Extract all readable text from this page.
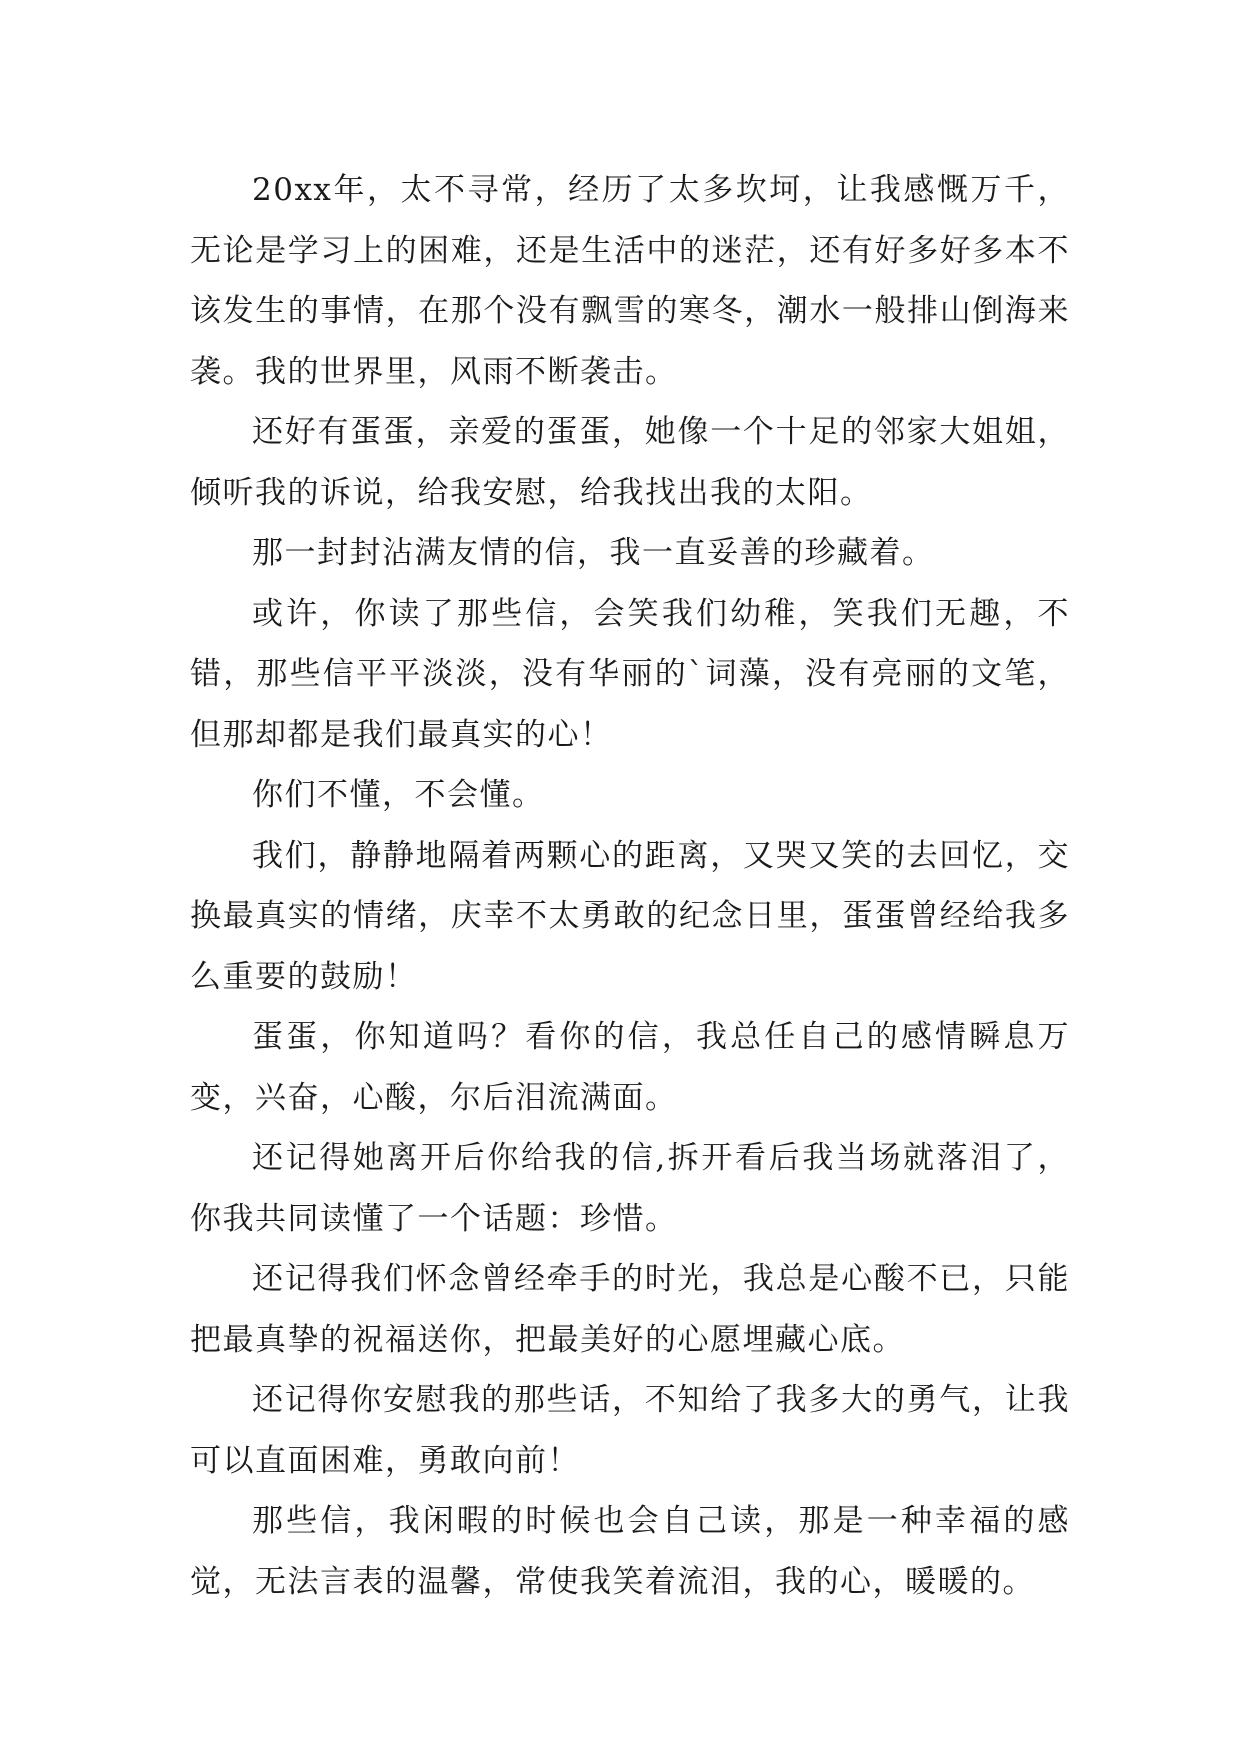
20xx年，太不寻常，经历了太多坎坷，让我感慨万千，无论是学习上的困难，还是生活中的迷茫，还有好多好多本不该发生的事情，在那个没有飘雪的寒冬，潮水一般排山倒海来袭。我的世界里，风雨不断袭击。

还好有蛋蛋，亲爱的蛋蛋，她像一个十足的邻家大姐姐，倾听我的诉说，给我安慰，给我找出我的太阳。

那一封封沾满友情的信，我一直妥善的珍藏着。

或许，你读了那些信，会笑我们幼稚，笑我们无趣，不错，那些信平平淡淡，没有华丽的`词藻，没有亮丽的文笔，但那却都是我们最真实的心！

你们不懂，不会懂。

我们，静静地隔着两颗心的距离，又哭又笑的去回忆，交换最真实的情绪，庆幸不太勇敢的纪念日里，蛋蛋曾经给我多么重要的鼓励！

蛋蛋，你知道吗？看你的信，我总任自己的感情瞬息万变，兴奋，心酸，尔后泪流满面。

还记得她离开后你给我的信,拆开看后我当场就落泪了，你我共同读懂了一个话题：珍惜。

还记得我们怀念曾经牵手的时光，我总是心酸不已，只能把最真挚的祝福送你，把最美好的心愿埋藏心底。

还记得你安慰我的那些话，不知给了我多大的勇气，让我可以直面困难，勇敢向前！

那些信，我闲暇的时候也会自己读，那是一种幸福的感觉，无法言表的温馨，常使我笑着流泪，我的心，暖暖的。
